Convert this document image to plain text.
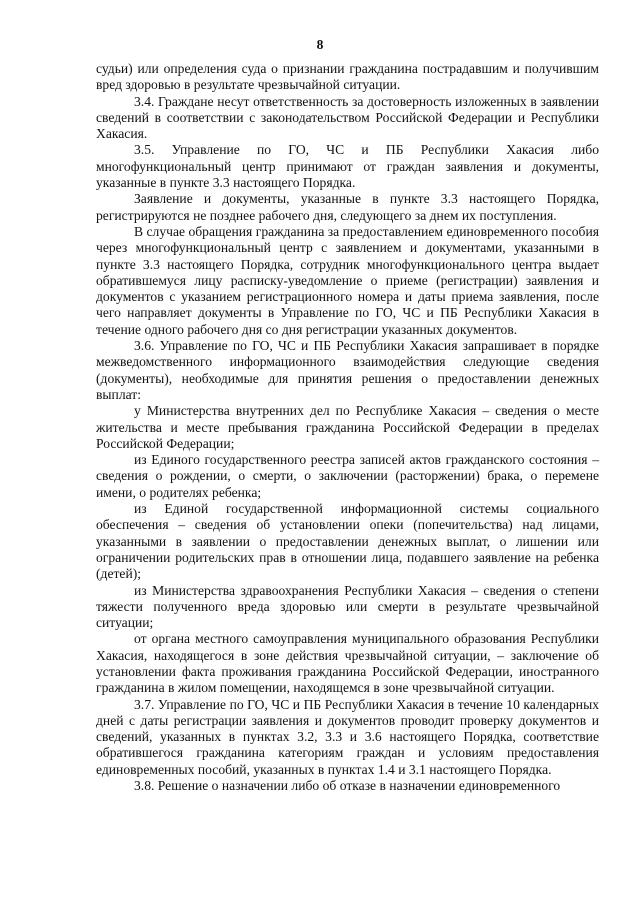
8

судьи) или определения суда о признании гражданина пострадавшим и получившим вред здоровью в результате чрезвычайной ситуации.

3.4. Граждане несут ответственность за достоверность изложенных в заявлении сведений в соответствии с законодательством Российской Федерации и Республики Хакасия.

3.5. Управление по ГО, ЧС и ПБ Республики Хакасия либо многофункциональный центр принимают от граждан заявления и документы, указанные в пункте 3.3 настоящего Порядка.

Заявление и документы, указанные в пункте 3.3 настоящего Порядка, регистрируются не позднее рабочего дня, следующего за днем их поступления.

В случае обращения гражданина за предоставлением единовременного пособия через многофункциональный центр с заявлением и документами, указанными в пункте 3.3 настоящего Порядка, сотрудник многофункционального центра выдает обратившемуся лицу расписку-уведомление о приеме (регистрации) заявления и документов с указанием регистрационного номера и даты приема заявления, после чего направляет документы в Управление по ГО, ЧС и ПБ Республики Хакасия в течение одного рабочего дня со дня регистрации указанных документов.

3.6. Управление по ГО, ЧС и ПБ Республики Хакасия запрашивает в порядке межведомственного информационного взаимодействия следующие сведения (документы), необходимые для принятия решения о предоставлении денежных выплат:

у Министерства внутренних дел по Республике Хакасия – сведения о месте жительства и месте пребывания гражданина Российской Федерации в пределах Российской Федерации;

из Единого государственного реестра записей актов гражданского состояния – сведения о рождении, о смерти, о заключении (расторжении) брака, о перемене имени, о родителях ребенка;

из Единой государственной информационной системы социального обеспечения – сведения об установлении опеки (попечительства) над лицами, указанными в заявлении о предоставлении денежных выплат, о лишении или ограничении родительских прав в отношении лица, подавшего заявление на ребенка (детей);

из Министерства здравоохранения Республики Хакасия – сведения о степени тяжести полученного вреда здоровью или смерти в результате чрезвычайной ситуации;

от органа местного самоуправления муниципального образования Республики Хакасия, находящегося в зоне действия чрезвычайной ситуации, – заключение об установлении факта проживания гражданина Российской Федерации, иностранного гражданина в жилом помещении, находящемся в зоне чрезвычайной ситуации.

3.7. Управление по ГО, ЧС и ПБ Республики Хакасия в течение 10 календарных дней с даты регистрации заявления и документов проводит проверку документов и сведений, указанных в пунктах 3.2, 3.3 и 3.6 настоящего Порядка, соответствие обратившегося гражданина категориям граждан и условиям предоставления единовременных пособий, указанных в пунктах 1.4 и 3.1 настоящего Порядка.

3.8. Решение о назначении либо об отказе в назначении единовременного
